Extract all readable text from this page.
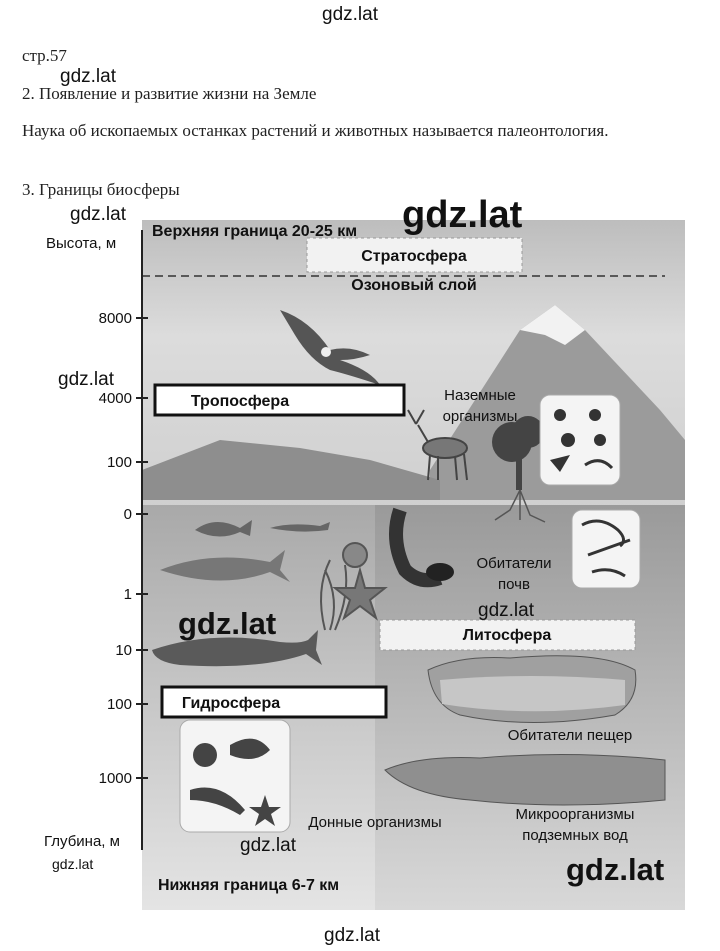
gdz.lat
gdz.lat
стр.57
2. Появление и развитие жизни на Земле
Наука об ископаемых останках растений и животных называется палеонтология.
3. Границы биосферы
Верхняя граница 20-25 км
Стратосфера
Озоновый слой
Высота, м
Глубина, м
8000
4000
100
0
1
10
100
1000
Тропосфера	Наземные
организмы
Обитатели
почв
Литосфера
Гидросфера
Обитатели пещер
Донные организмы	Микроорганизмы
подземных вод
Нижняя граница 6-7 км
gdz.lat	gdz.lat
gdz.lat
gdz.lat	gdz.lat
gdz.lat
gdz.lat
gdz.lat
gdz.lat
